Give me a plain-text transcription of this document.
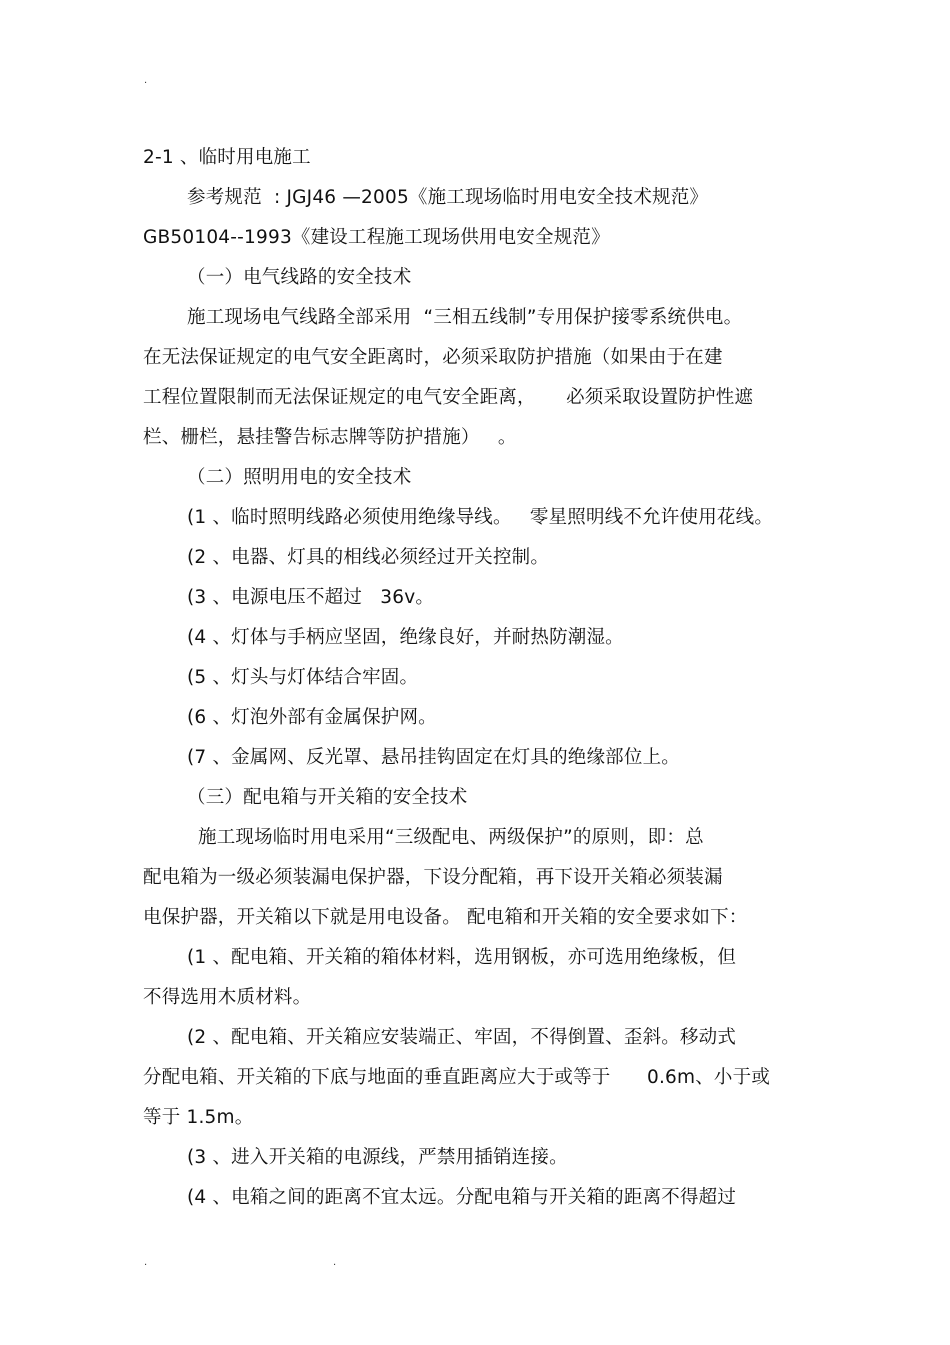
.
2-1 、临时用电施工
参考规范  : JGJ46 —2005《施工现场临时用电安全技术规范》
GB50104--1993《建设工程施工现场供用电安全规范》
（一）电气线路的安全技术
施工现场电气线路全部采用  “三相五线制”专用保护接零系统供电。
在无法保证规定的电气安全距离时，必须采取防护措施（如果由于在建
工程位置限制而无法保证规定的电气安全距离，     必须采取设置防护性遮
栏、栅栏，悬挂警告标志牌等防护措施）   。
（二）照明用电的安全技术
(1 、临时照明线路必须使用绝缘导线。   零星照明线不允许使用花线。
(2 、电器、灯具的相线必须经过开关控制。
(3 、电源电压不超过   36v。
(4 、灯体与手柄应坚固，绝缘良好，并耐热防潮湿。
(5 、灯头与灯体结合牢固。
(6 、灯泡外部有金属保护网。
(7 、金属网、反光罩、悬吊挂钩固定在灯具的绝缘部位上。
（三）配电箱与开关箱的安全技术
施工现场临时用电采用“三级配电、两级保护”的原则，即：总
配电箱为一级必须装漏电保护器，下设分配箱，再下设开关箱必须装漏
电保护器，开关箱以下就是用电设备。 配电箱和开关箱的安全要求如下：
(1 、配电箱、开关箱的箱体材料，选用钢板，亦可选用绝缘板，但
不得选用木质材料。
(2 、配电箱、开关箱应安装端正、牢固，不得倒置、歪斜。移动式
分配电箱、开关箱的下底与地面的垂直距离应大于或等于      0.6m、小于或
等于 1.5m。
(3 、进入开关箱的电源线，严禁用插销连接。
(4 、电箱之间的距离不宜太远。分配电箱与开关箱的距离不得超过
.	.
